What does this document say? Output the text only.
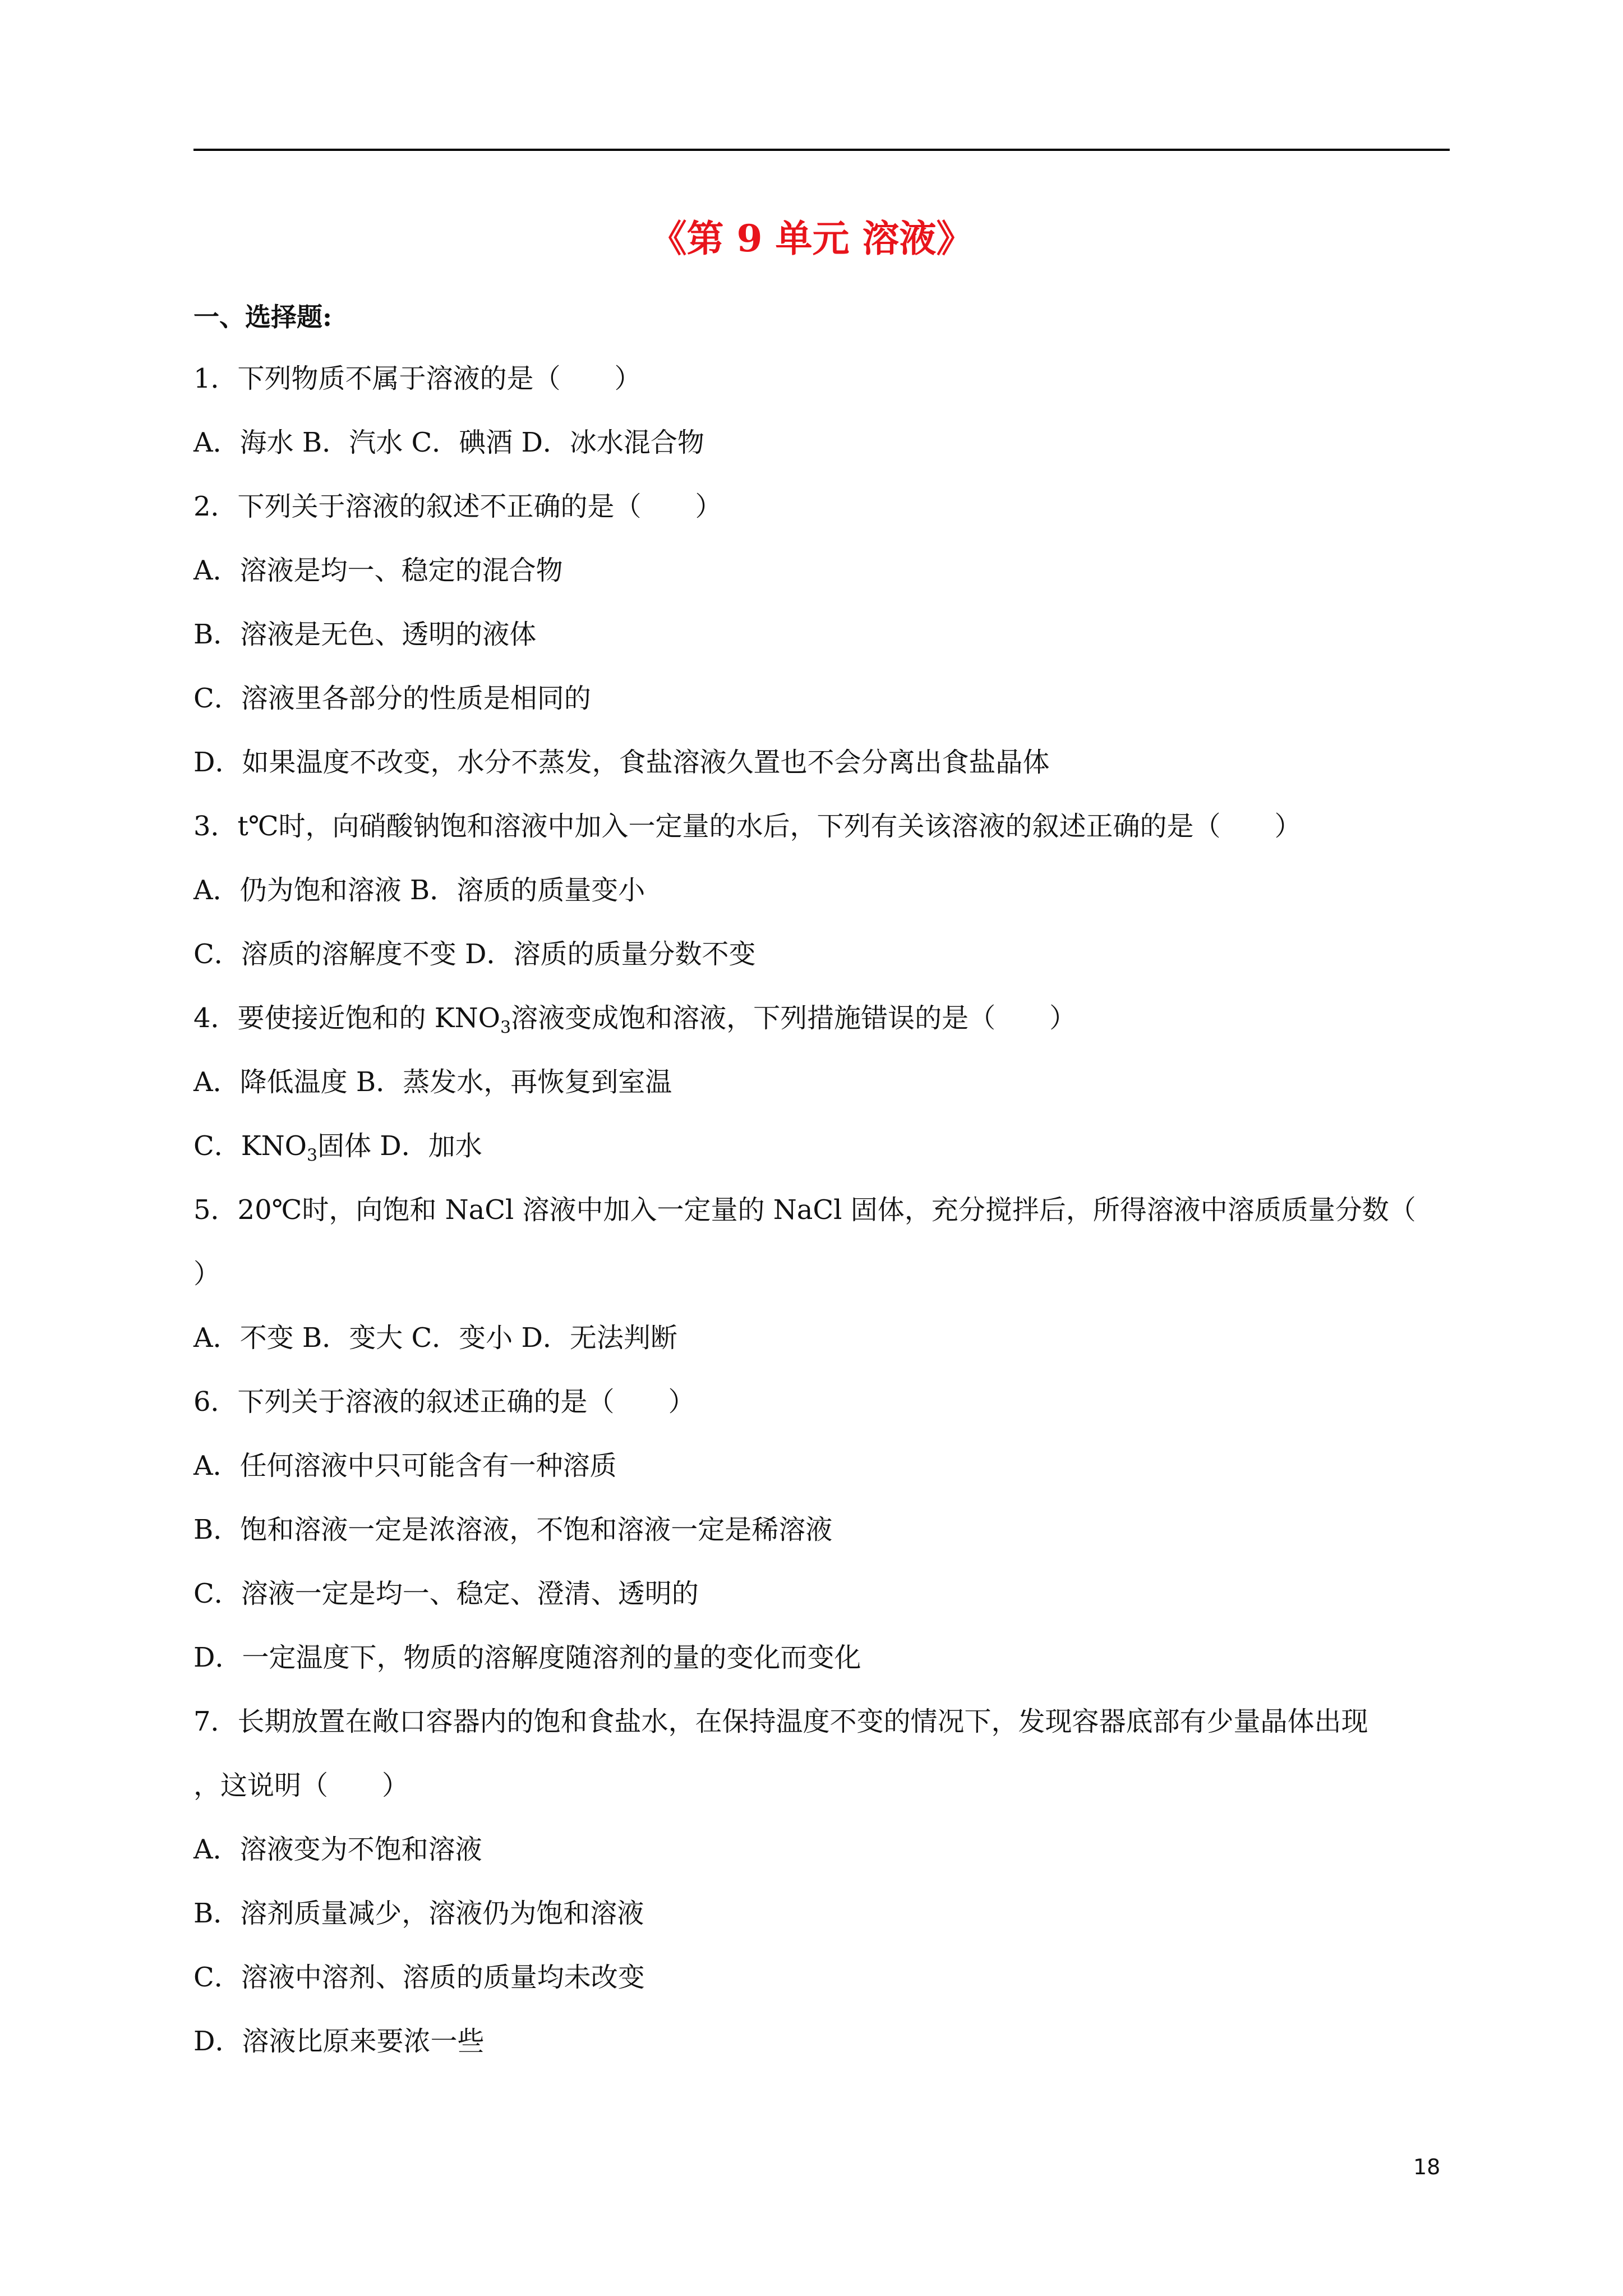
《第 9 单元 溶液》
一、选择题:
1．下列物质不属于溶液的是（　　）
A．海水 B．汽水 C．碘酒 D．冰水混合物
2．下列关于溶液的叙述不正确的是（　　）
A．溶液是均一、稳定的混合物
B．溶液是无色、透明的液体
C．溶液里各部分的性质是相同的
D．如果温度不改变，水分不蒸发，食盐溶液久置也不会分离出食盐晶体
3．t℃时，向硝酸钠饱和溶液中加入一定量的水后，下列有关该溶液的叙述正确的是（　　）
A．仍为饱和溶液 B．溶质的质量变小
C．溶质的溶解度不变 D．溶质的质量分数不变
4．要使接近饱和的 $KNO_3$溶液变成饱和溶液，下列措施错误的是（　　）
A．降低温度 B．蒸发水，再恢复到室温
C．$KNO_3$固体 D．加水
5．20℃时，向饱和 NaCl 溶液中加入一定量的 NaCl 固体，充分搅拌后，所得溶液中溶质质量分数（
）
A．不变 B．变大 C．变小 D．无法判断
6．下列关于溶液的叙述正确的是（　　）
A．任何溶液中只可能含有一种溶质
B．饱和溶液一定是浓溶液，不饱和溶液一定是稀溶液
C．溶液一定是均一、稳定、澄清、透明的
D．一定温度下，物质的溶解度随溶剂的量的变化而变化
7．长期放置在敞口容器内的饱和食盐水，在保持温度不变的情况下，发现容器底部有少量晶体出现
，这说明（　　）
A．溶液变为不饱和溶液
B．溶剂质量减少，溶液仍为饱和溶液
C．溶液中溶剂、溶质的质量均未改变
D．溶液比原来要浓一些
18
